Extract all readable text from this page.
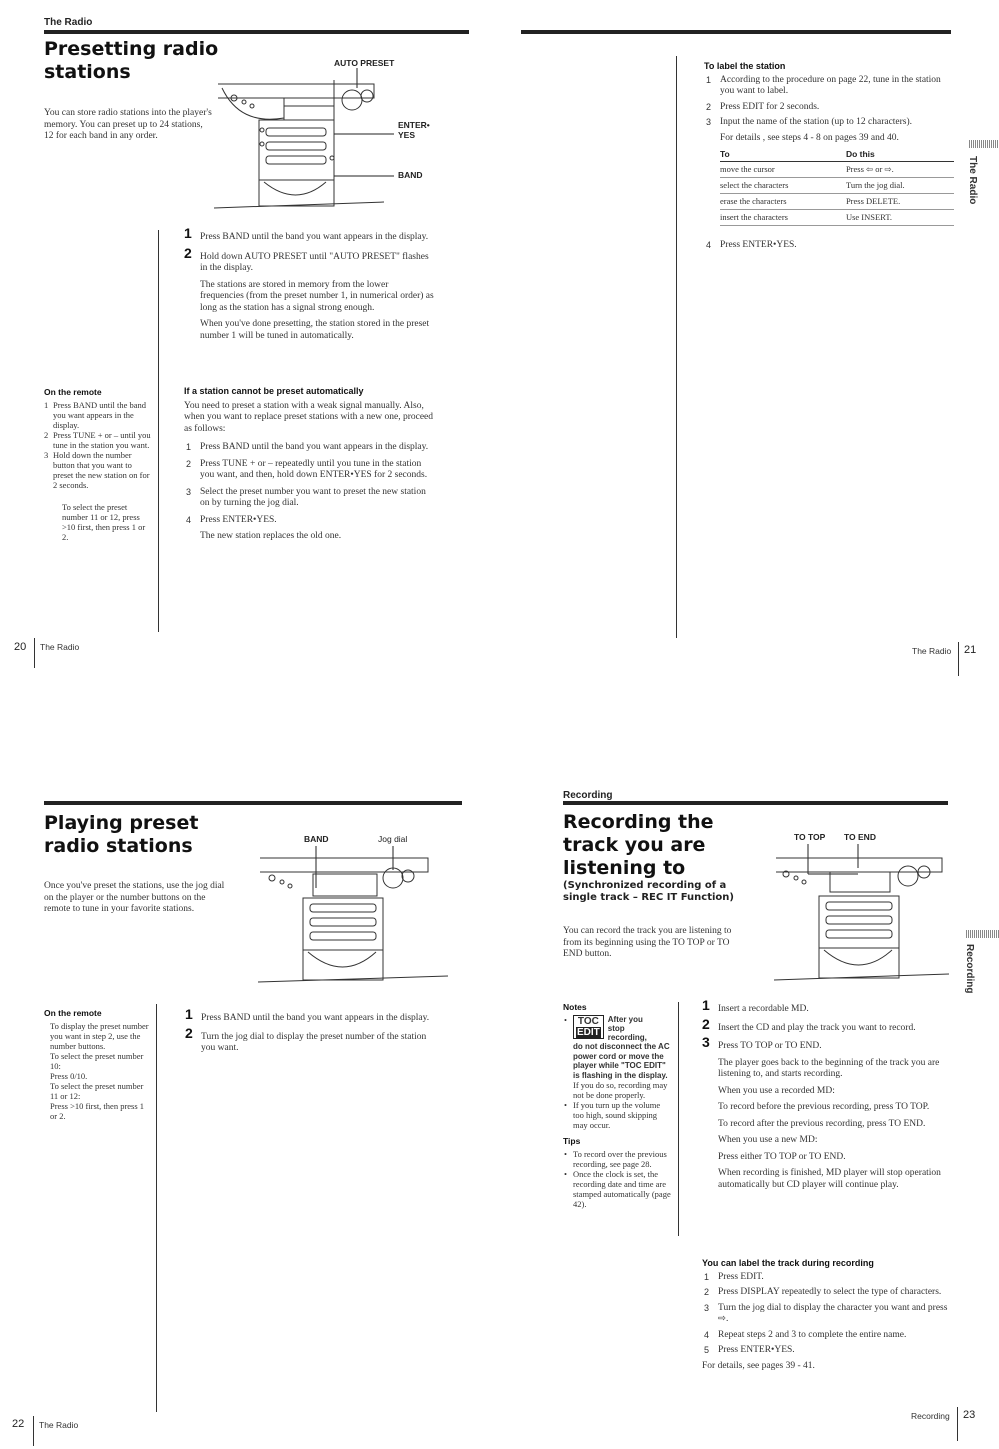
The Radio
Presetting radio
stations
You can store radio stations into the player's memory. You can preset up to 24 stations, 12 for each band in any order.
AUTO PRESET
ENTER•
YES
BAND
1 Press BAND until the band you want appears in the display.
2 Hold down AUTO PRESET until "AUTO PRESET" flashes in the display.
The stations are stored in memory from the lower frequencies (from the preset number 1, in numerical order) as long as the station has a signal strong enough.
When you've done presetting, the station stored in the preset number 1 will be tuned in automatically.
On the remote
1 Press BAND until the band you want appears in the display.
2 Press TUNE + or – until you tune in the station you want.
3 Hold down the number button that you want to preset the new station on for 2 seconds.
To select the preset number 11 or 12, press >10 first, then press 1 or 2.
If a station cannot be preset automatically
You need to preset a station with a weak signal manually. Also, when you want to replace preset stations with a new one, proceed as follows:
1 Press BAND until the band you want appears in the display.
2 Press TUNE + or – repeatedly until you tune in the station you want, and then, hold down ENTER•YES for 2 seconds.
3 Select the preset number you want to preset the new station on by turning the jog dial.
4 Press ENTER•YES.
The new station replaces the old one.
20 The Radio
To label the station
1 According to the procedure on page 22, tune in the station you want to label.
2 Press EDIT for 2 seconds.
3 Input the name of the station (up to 12 characters).
For details , see steps 4 - 8 on pages 39 and 40.
To	Do this
move the cursor	Press ⇦ or ⇨.
select the characters	Turn the jog dial.
erase the characters	Press DELETE.
insert the characters	Use INSERT.
4 Press ENTER•YES.
The Radio
The Radio 21
Playing preset
radio stations
Once you've preset the stations, use the jog dial on the player or the number buttons on the remote to tune in your favorite stations.
BAND	Jog dial
On the remote
To display the preset number you want in step 2, use the number buttons.
To select the preset number 10:
Press 0/10.
To select the preset number 11 or 12:
Press >10 first, then press 1 or 2.
1 Press BAND until the band you want appears in the display.
2 Turn the jog dial to display the preset number of the station you want.
22 The Radio
Recording
Recording the
track you are
listening to
(Synchronized recording of a
single track – REC IT Function)
You can record the track you are listening to from its beginning using the TO TOP or TO END button.
TO TOP TO END
Notes
• TOC
EDIT
After you
stop
recording,
do not disconnect the AC power cord or move the player while "TOC EDIT" is flashing in the display.
If you do so, recording may not be done properly.
• If you turn up the volume too high, sound skipping may occur.
Tips
• To record over the previous recording, see page 28.
• Once the clock is set, the recording date and time are stamped automatically (page 42).
1 Insert a recordable MD.
2 Insert the CD and play the track you want to record.
3 Press TO TOP or TO END.
The player goes back to the beginning of the track you are listening to, and starts recording.
When you use a recorded MD:
To record before the previous recording, press TO TOP.
To record after the previous recording, press TO END.
When you use a new MD:
Press either TO TOP or TO END.
When recording is finished, MD player will stop operation automatically but CD player will continue play.
You can label the track during recording
1 Press EDIT.
2 Press DISPLAY repeatedly to select the type of characters.
3 Turn the jog dial to display the character you want and press ⇨.
4 Repeat steps 2 and 3 to complete the entire name.
5 Press ENTER•YES.
For details, see pages 39 - 41.
Recording
Recording 23
